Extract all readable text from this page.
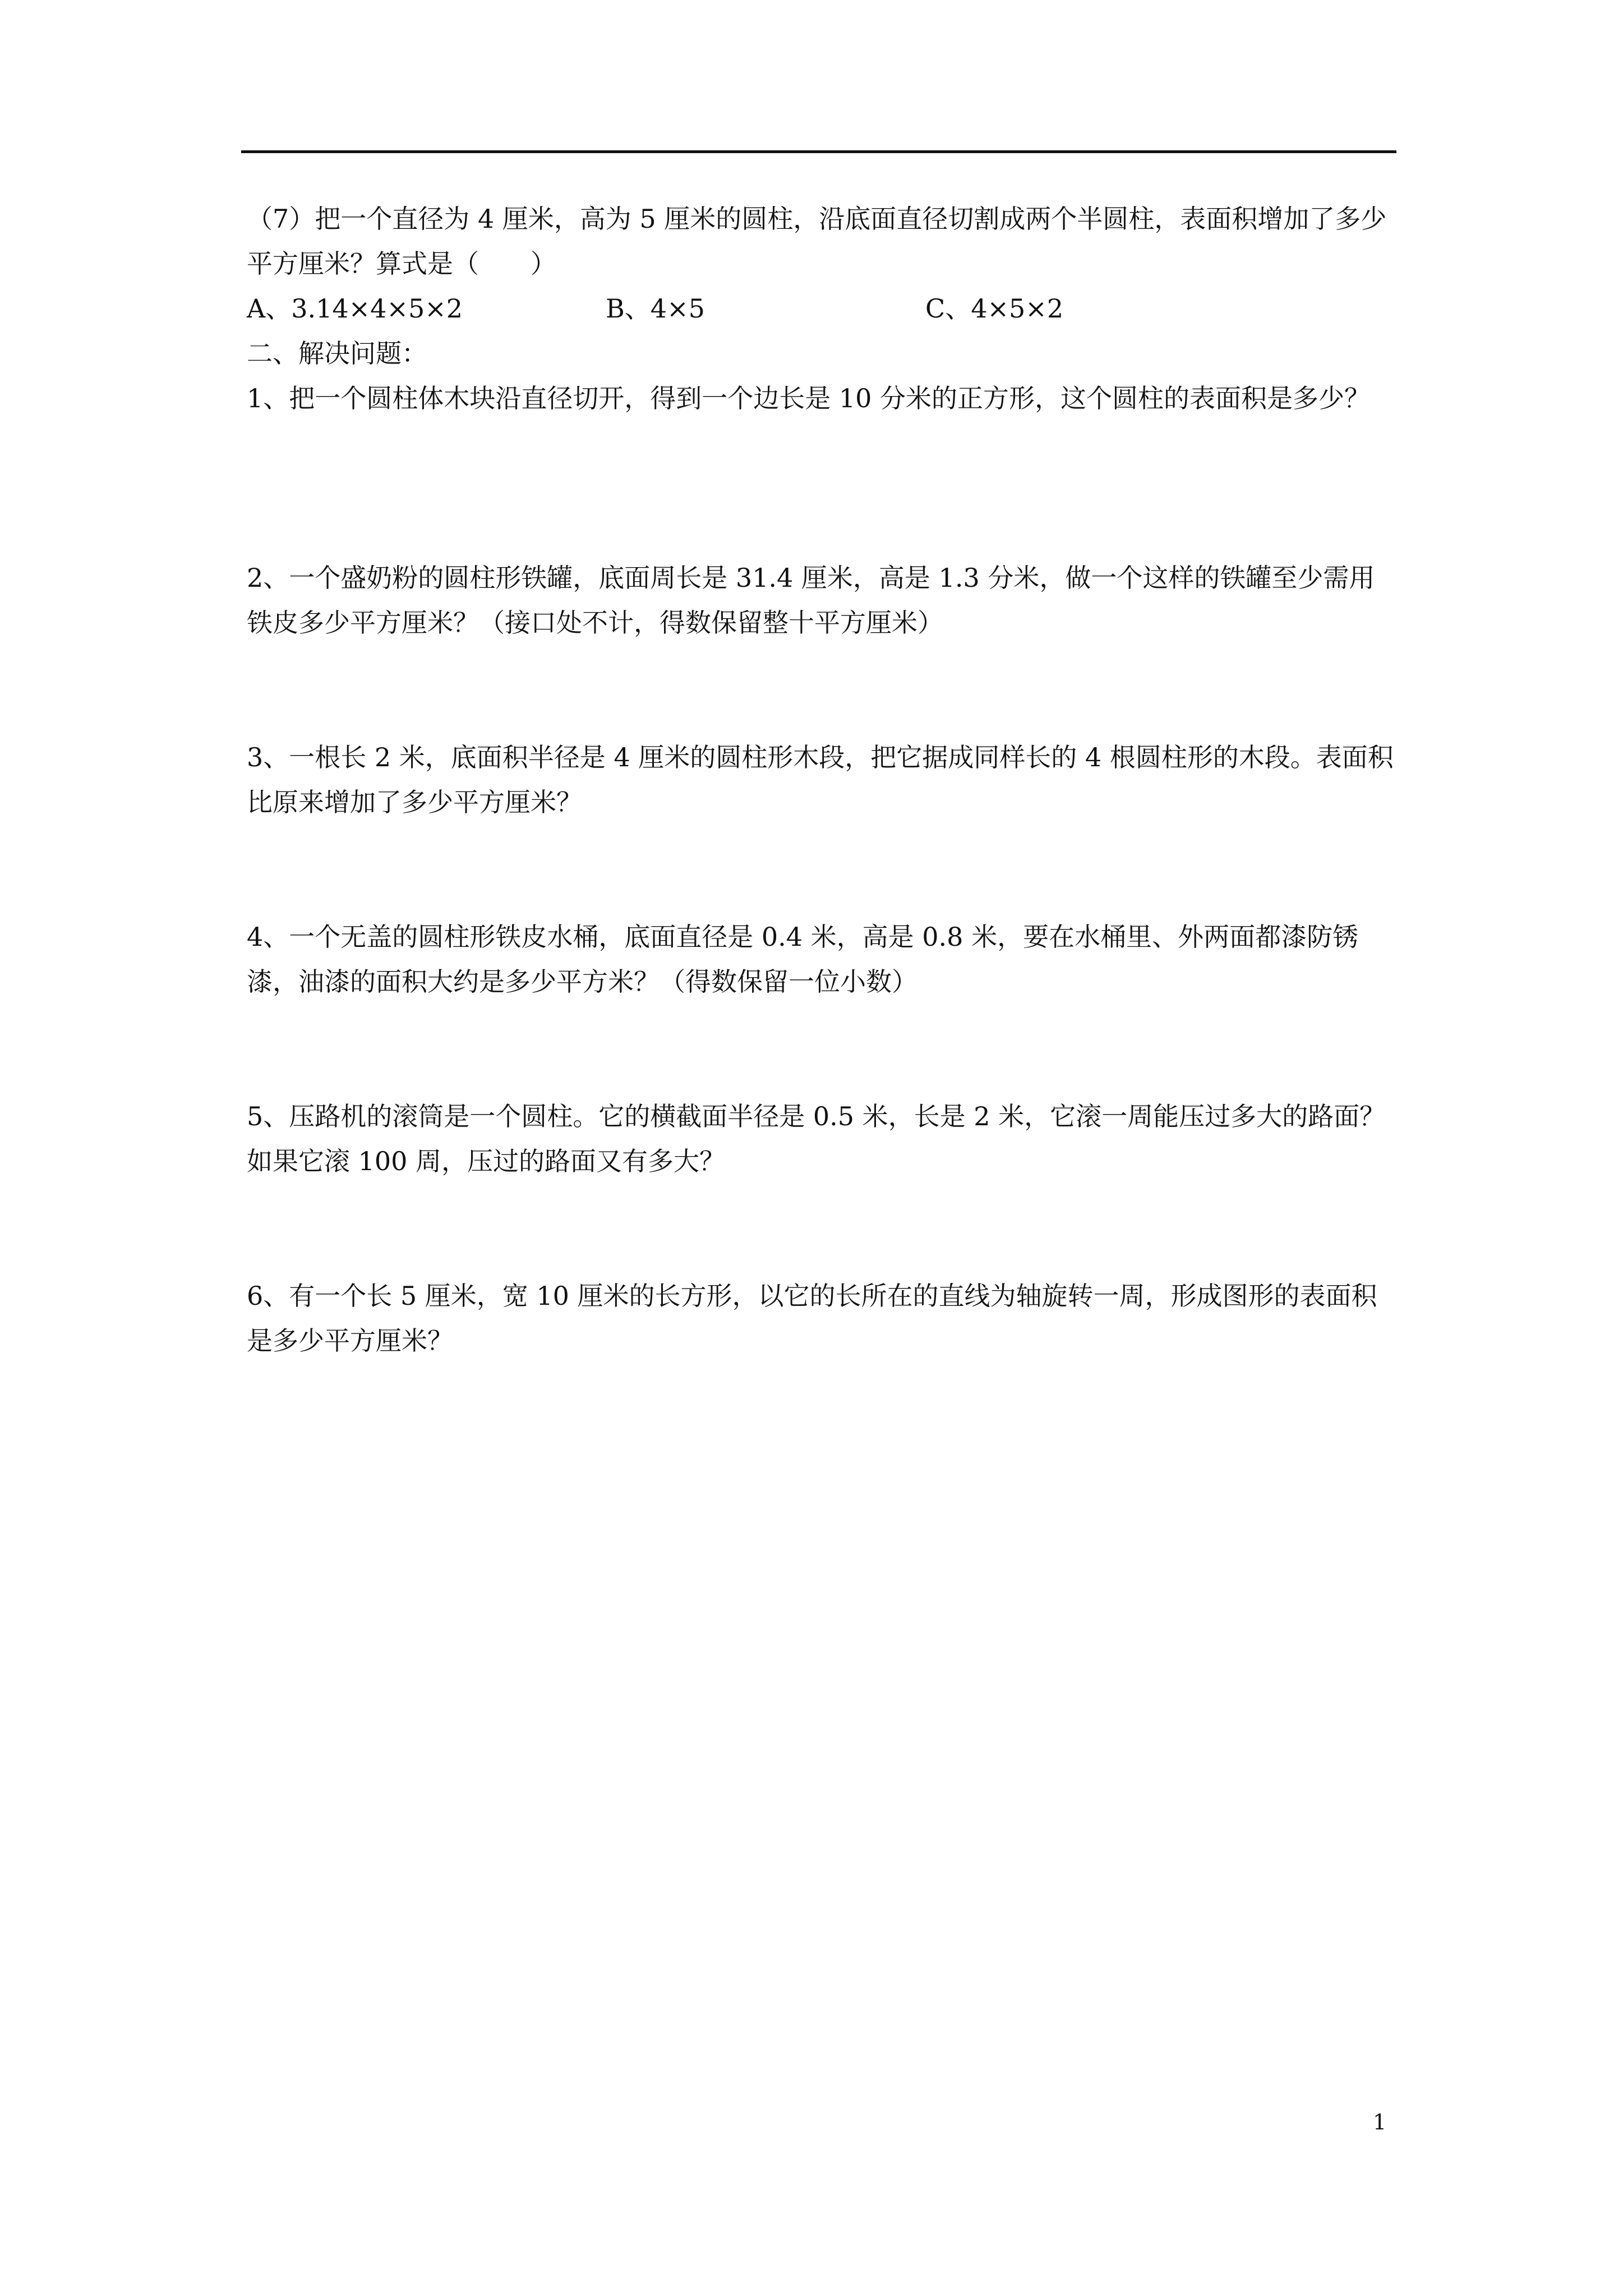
（7）把一个直径为 4 厘米，高为 5 厘米的圆柱，沿底面直径切割成两个半圆柱，表面积增加了多少平方厘米？算式是（　　）

A、3.14×4×5×2	B、4×5	C、4×5×2

二、解决问题：

1、把一个圆柱体木块沿直径切开，得到一个边长是 10 分米的正方形，这个圆柱的表面积是多少？

2、一个盛奶粉的圆柱形铁罐，底面周长是 31.4 厘米，高是 1.3 分米，做一个这样的铁罐至少需用铁皮多少平方厘米？（接口处不计，得数保留整十平方厘米）

3、一根长 2 米，底面积半径是 4 厘米的圆柱形木段，把它据成同样长的 4 根圆柱形的木段。表面积比原来增加了多少平方厘米？

4、一个无盖的圆柱形铁皮水桶，底面直径是 0.4 米，高是 0.8 米，要在水桶里、外两面都漆防锈漆，油漆的面积大约是多少平方米？（得数保留一位小数）

5、压路机的滚筒是一个圆柱。它的横截面半径是 0.5 米，长是 2 米，它滚一周能压过多大的路面？如果它滚 100 周，压过的路面又有多大？

6、有一个长 5 厘米，宽 10 厘米的长方形，以它的长所在的直线为轴旋转一周，形成图形的表面积是多少平方厘米？

1
